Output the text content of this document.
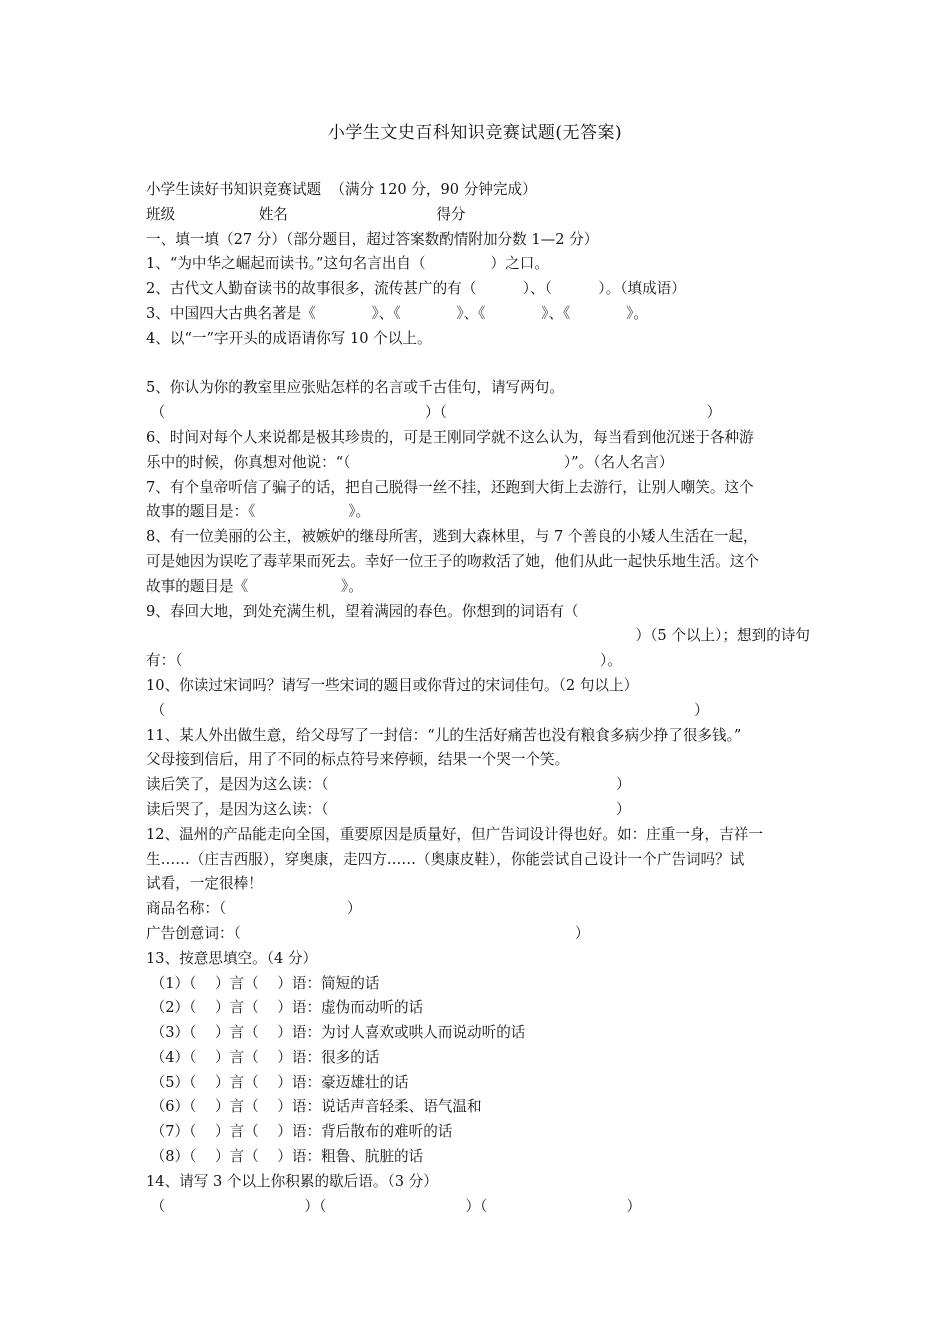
小学生文史百科知识竞赛试题(无答案)
小学生读好书知识竞赛试题  （满分 120 分，90 分钟完成）
班级                  姓名                                得分
一、填一填（27 分）（部分题目，超过答案数酌情附加分数 1—2 分）
1、“为中华之崛起而读书。”这句名言出自（              ）之口。
2、古代文人勤奋读书的故事很多，流传甚广的有（          ）、（          ）。（填成语）
3、中国四大古典名著是《            》、《            》、《            》、《            》。
4、以“一”字开头的成语请你写 10 个以上。
5、你认为你的教室里应张贴怎样的名言或千古佳句，请写两句。
（                                                        ）（                                                        ）
6、时间对每个人来说都是极其珍贵的，可是王刚同学就不这么认为，每当看到他沉迷于各种游
乐中的时候，你真想对他说：“（                                              ）”。（名人名言）
7、有个皇帝听信了骗子的话，把自己脱得一丝不挂，还跑到大街上去游行，让别人嘲笑。这个
故事的题目是：《                    》。
8、有一位美丽的公主，被嫉妒的继母所害，逃到大森林里，与 7 个善良的小矮人生活在一起，
可是她因为误吃了毒苹果而死去。幸好一位王子的吻救活了她，他们从此一起快乐地生活。这个
故事的题目是《                    》。
9、春回大地，到处充满生机，望着满园的春色。你想到的词语有（
）（5 个以上）；想到的诗句
有：（                                                                                          ）。
10、你读过宋词吗？请写一些宋词的题目或你背过的宋词佳句。（2 句以上）
（                                                                                                                  ）
11、某人外出做生意，给父母写了一封信：“儿的生活好痛苦也没有粮食多病少挣了很多钱。”
父母接到信后，用了不同的标点符号来停顿，结果一个哭一个笑。
读后笑了，是因为这么读：（                                                              ）
读后哭了，是因为这么读：（                                                              ）
12、温州的产品能走向全国，重要原因是质量好，但广告词设计得也好。如：庄重一身，吉祥一
生……（庄吉西服），穿奥康，走四方……（奥康皮鞋），你能尝试自己设计一个广告词吗？试
试看，一定很棒！
商品名称：（                          ）
广告创意词：（                                                                        ）
13、按意思填空。（4 分）
（1）（    ）言（    ）语：简短的话
（2）（    ）言（    ）语：虚伪而动听的话
（3）（    ）言（    ）语：为讨人喜欢或哄人而说动听的话
（4）（    ）言（    ）语：很多的话
（5）（    ）言（    ）语：豪迈雄壮的话
（6）（    ）言（    ）语：说话声音轻柔、语气温和
（7）（    ）言（    ）语：背后散布的难听的话
（8）（    ）言（    ）语：粗鲁、肮脏的话
14、请写 3 个以上你积累的歇后语。（3 分）
（                              ）（                              ）（                              ）
